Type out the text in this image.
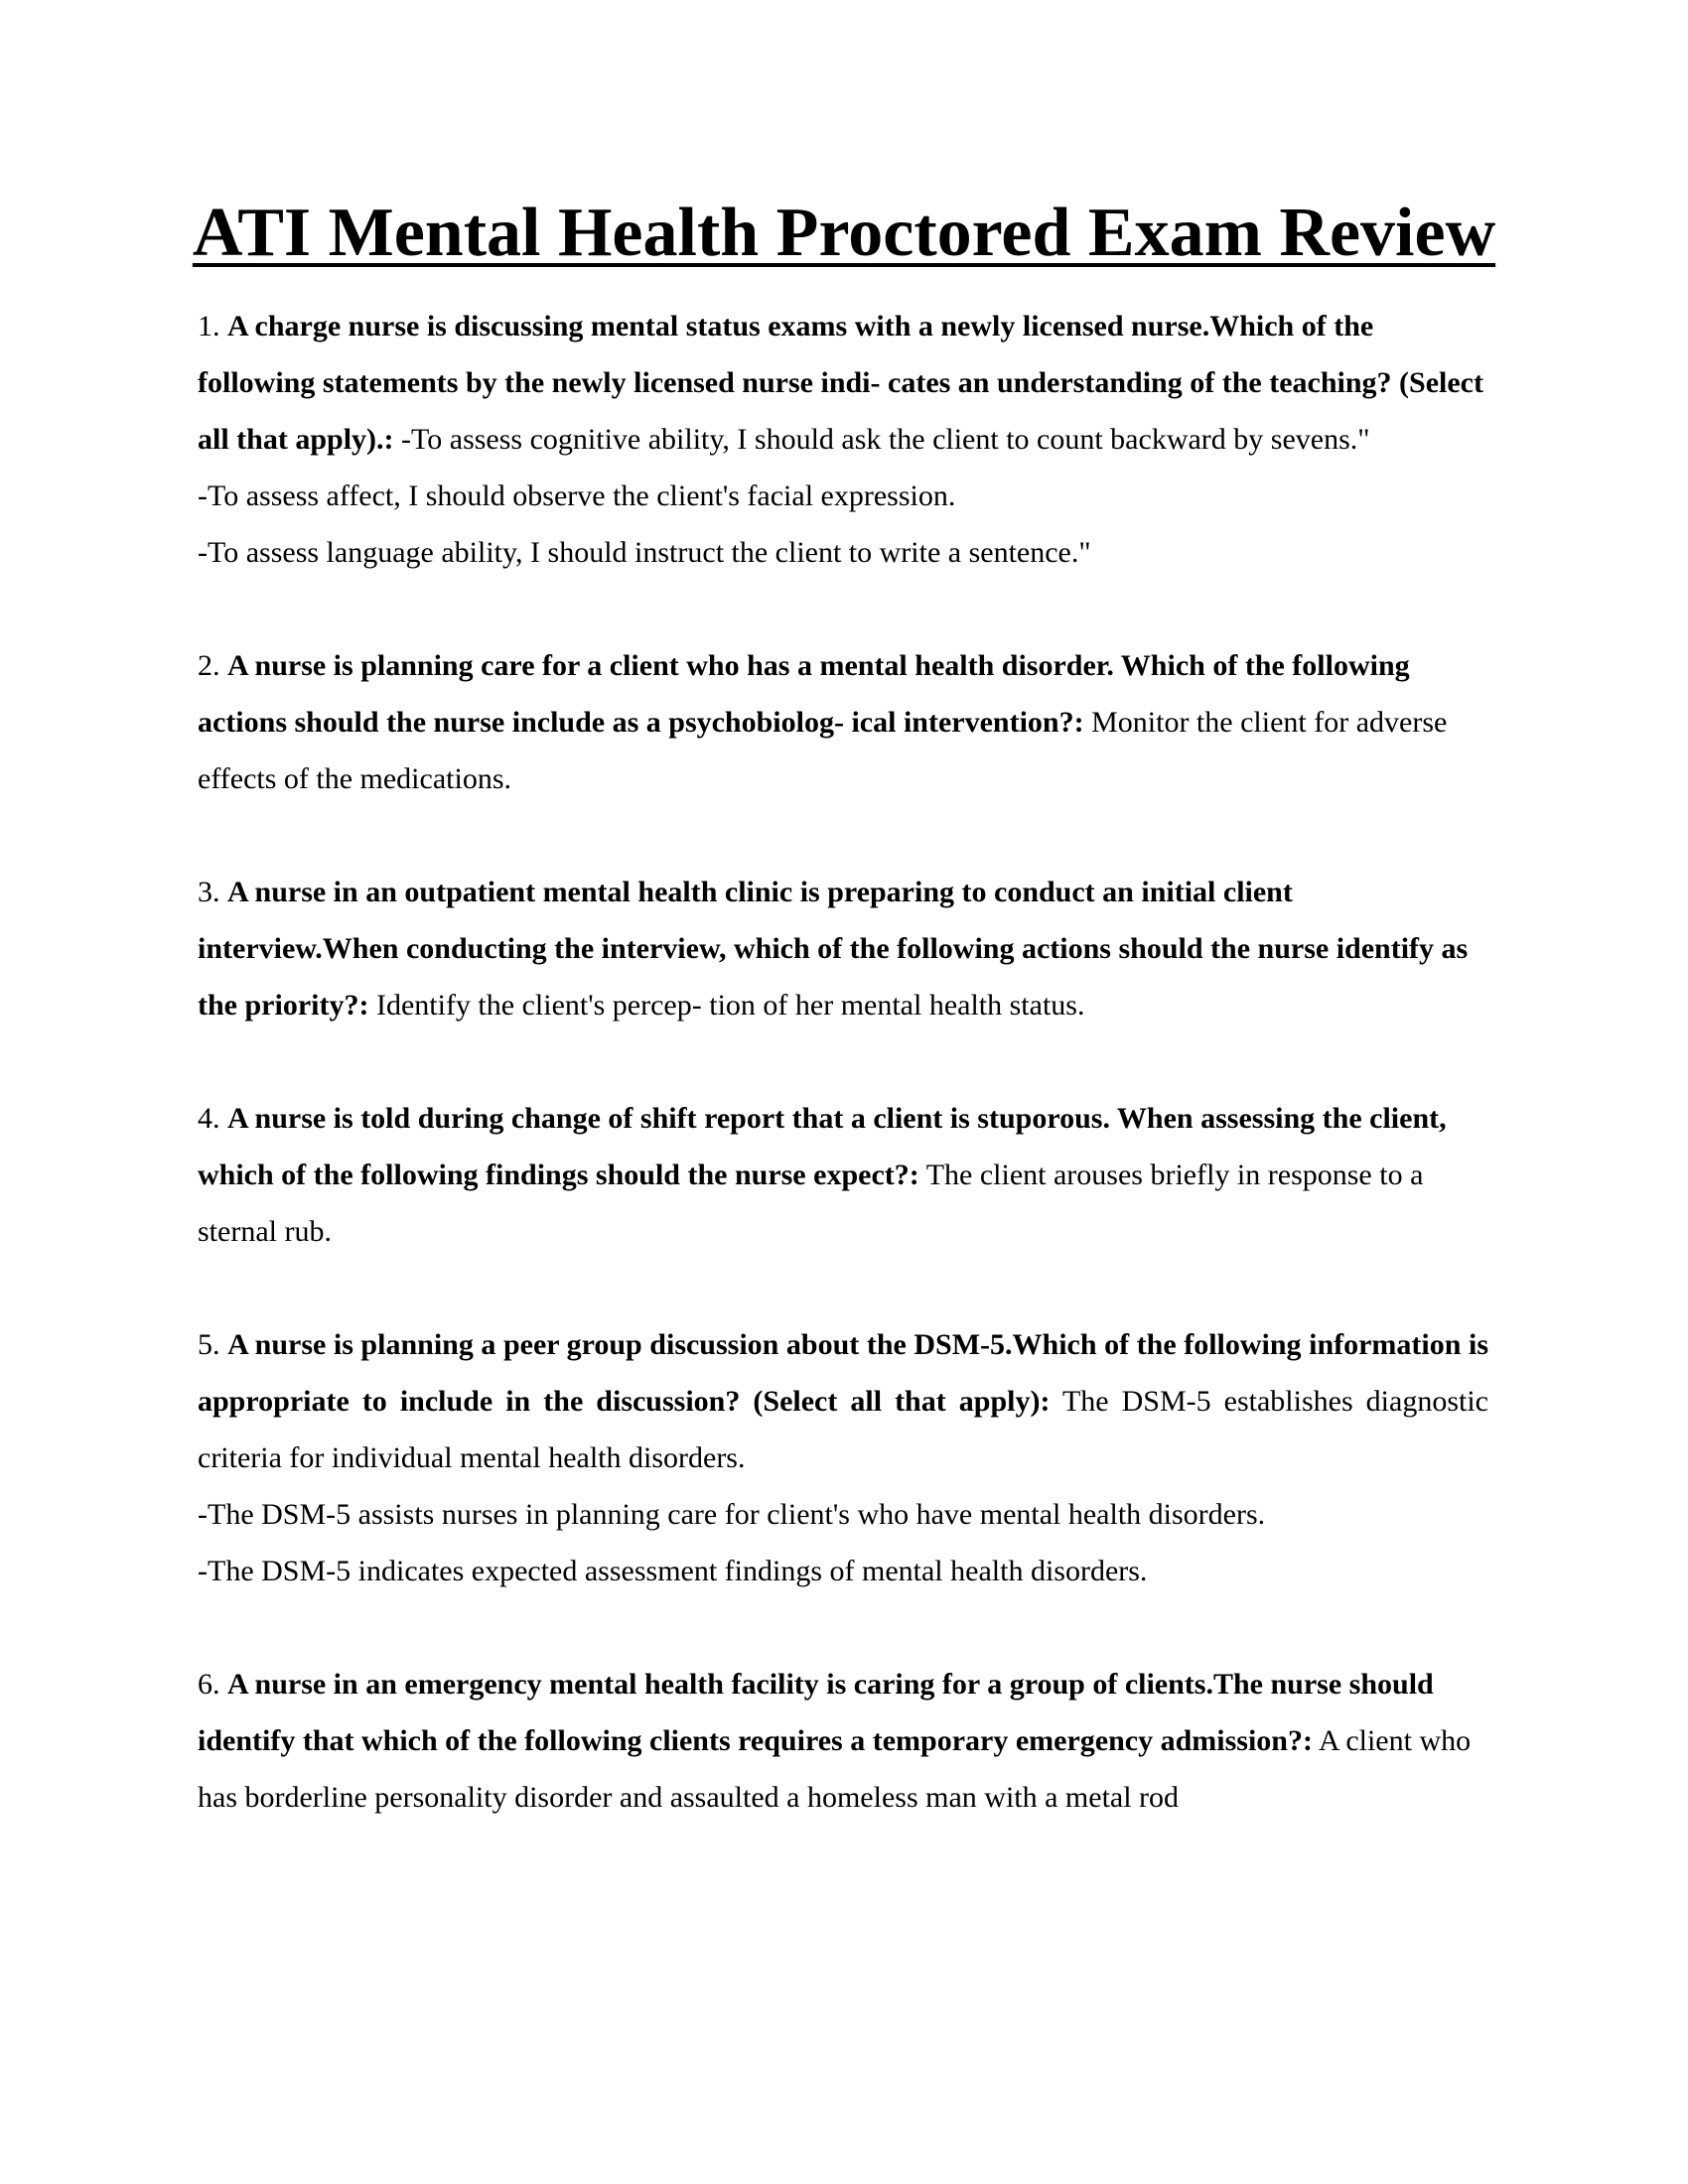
ATI Mental Health Proctored Exam Review

1. A charge nurse is discussing mental status exams with a newly licensed nurse.Which of the following statements by the newly licensed nurse indi- cates an understanding of the teaching? (Select all that apply).: -To assess cognitive ability, I should ask the client to count backward by sevens."

-To assess affect, I should observe the client's facial expression.

-To assess language ability, I should instruct the client to write a sentence."

2. A nurse is planning care for a client who has a mental health disorder. Which of the following actions should the nurse include as a psychobiolog- ical intervention?: Monitor the client for adverse effects of the medications.

3. A nurse in an outpatient mental health clinic is preparing to conduct an initial client interview.When conducting the interview, which of the following actions should the nurse identify as the priority?: Identify the client's percep- tion of her mental health status.

4. A nurse is told during change of shift report that a client is stuporous. When assessing the client, which of the following findings should the nurse expect?: The client arouses briefly in response to a sternal rub.

5. A nurse is planning a peer group discussion about the DSM-5.Which of the following information is appropriate to include in the discussion? (Select all that apply): The DSM-5 establishes diagnostic criteria for individual mental health disorders.

-The DSM-5 assists nurses in planning care for client's who have mental health disorders.

-The DSM-5 indicates expected assessment findings of mental health disorders.

6. A nurse in an emergency mental health facility is caring for a group of clients.The nurse should identify that which of the following clients requires a temporary emergency admission?: A client who has borderline personality disorder and assaulted a homeless man with a metal rod
